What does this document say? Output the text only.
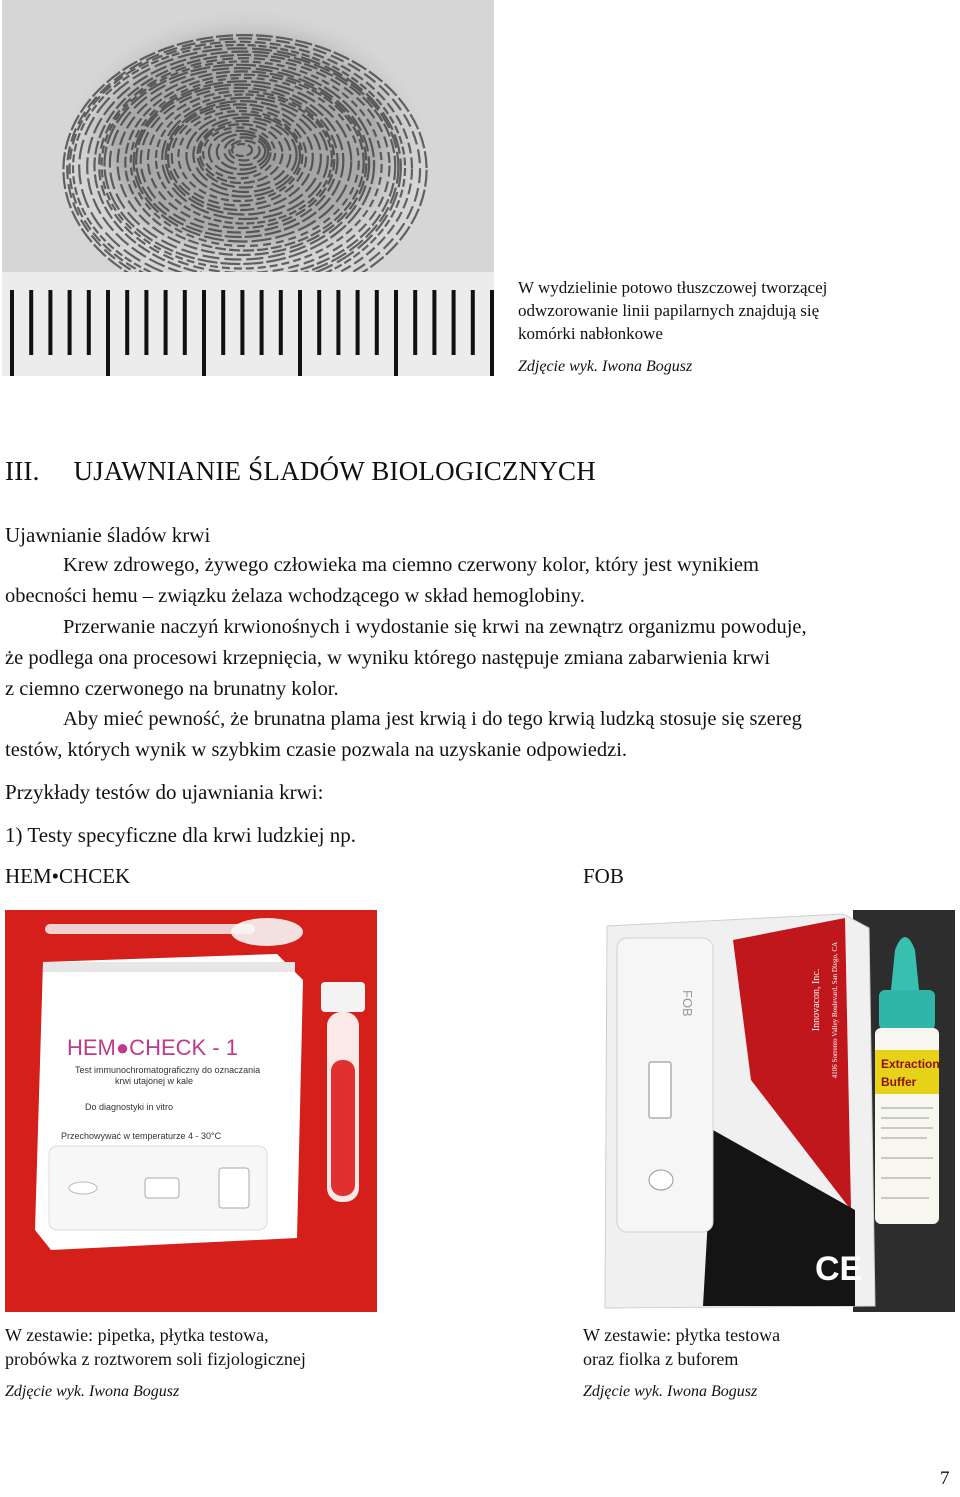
W wydzielinie potowo tłuszczowej tworzącej
odwzorowanie linii papilarnych znajdują się
komórki nabłonkowe
Zdjęcie wyk. Iwona Bogusz
III. UJAWNIANIE ŚLADÓW BIOLOGICZNYCH
Ujawnianie śladów krwi
Krew zdrowego, żywego człowieka ma ciemno czerwony kolor, który jest wynikiem
obecności hemu – związku żelaza wchodzącego w skład hemoglobiny.
Przerwanie naczyń krwionośnych i wydostanie się krwi na zewnątrz organizmu powoduje,
że podlega ona procesowi krzepnięcia, w wyniku którego następuje zmiana zabarwienia krwi
z ciemno czerwonego na brunatny kolor.
Aby mieć pewność, że brunatna plama jest krwią i do tego krwią ludzką stosuje się szereg
testów, których wynik w szybkim czasie pozwala na uzyskanie odpowiedzi.
Przykłady testów do ujawniania krwi:
1) Testy specyficzne dla krwi ludzkiej np.
HEM•CHCEK	FOB
HEM●CHECK - 1
Test immunochromatograficzny do oznaczania
krwi utajonej w kale
Do diagnostyki in vitro
Przechowywać w temperaturze 4 - 30°C
FOB	Innovacon, Inc. 4106 Sorrento Valley Boulevard, San Diego, CA	Extraction
Buffer
CE
W zestawie: pipetka, płytka testowa,
probówka z roztworem soli fizjologicznej
Zdjęcie wyk. Iwona Bogusz
W zestawie: płytka testowa
oraz fiolka z buforem
Zdjęcie wyk. Iwona Bogusz
7
